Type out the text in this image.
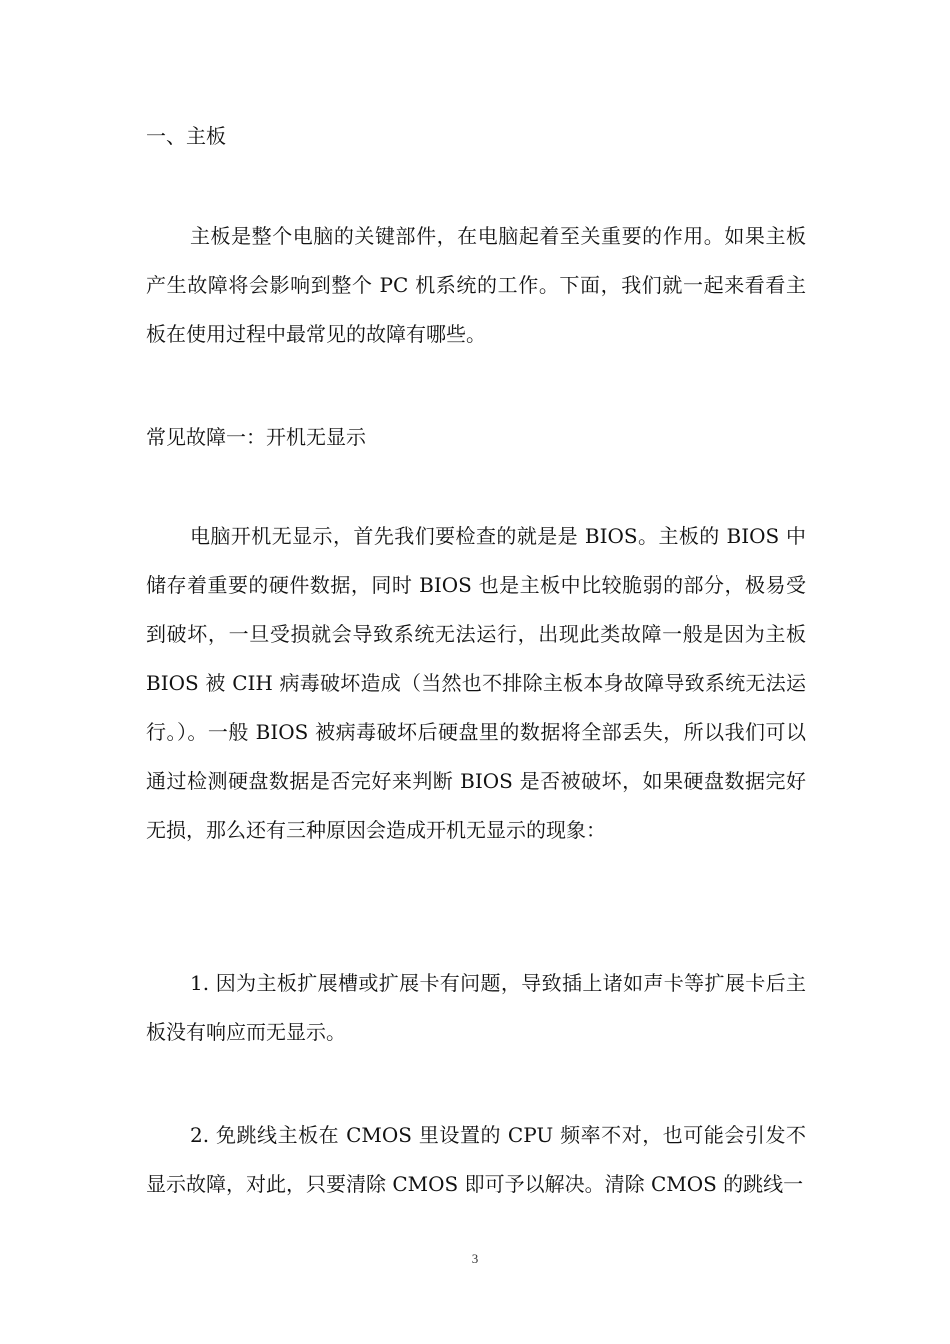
一、主板

主板是整个电脑的关键部件，在电脑起着至关重要的作用。如果主板产生故障将会影响到整个 PC 机系统的工作。下面，我们就一起来看看主板在使用过程中最常见的故障有哪些。

常见故障一：开机无显示

电脑开机无显示，首先我们要检查的就是是 BIOS。主板的 BIOS 中储存着重要的硬件数据，同时 BIOS 也是主板中比较脆弱的部分，极易受到破坏，一旦受损就会导致系统无法运行，出现此类故障一般是因为主板 BIOS 被 CIH 病毒破坏造成（当然也不排除主板本身故障导致系统无法运行。）。一般 BIOS 被病毒破坏后硬盘里的数据将全部丢失，所以我们可以通过检测硬盘数据是否完好来判断 BIOS 是否被破坏，如果硬盘数据完好无损，那么还有三种原因会造成开机无显示的现象：

1. 因为主板扩展槽或扩展卡有问题，导致插上诸如声卡等扩展卡后主板没有响应而无显示。

2. 免跳线主板在 CMOS 里设置的 CPU 频率不对，也可能会引发不显示故障，对此，只要清除 CMOS 即可予以解决。清除 CMOS 的跳线一

3
